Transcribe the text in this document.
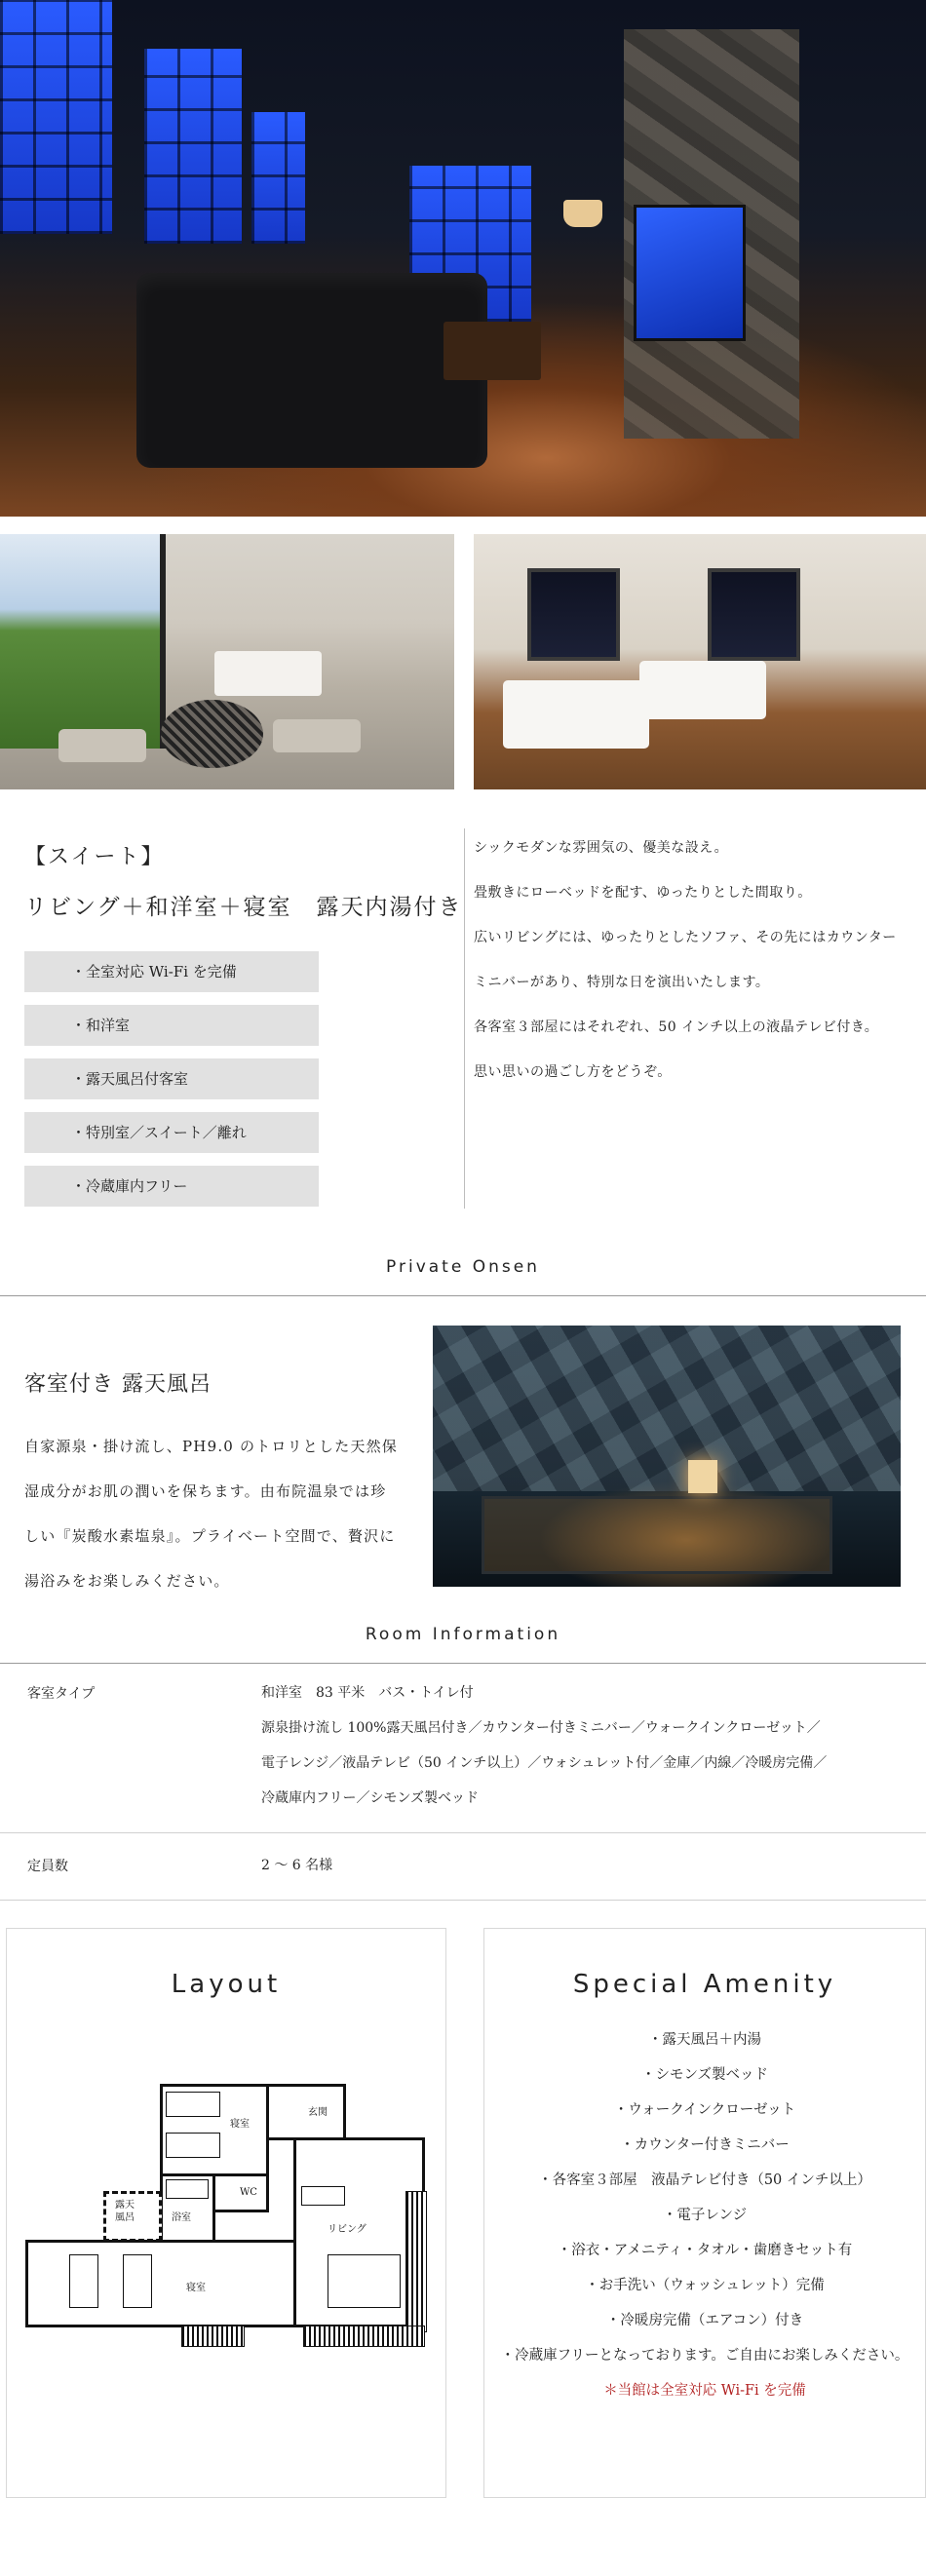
【スイート】
リビング＋和洋室＋寝室　露天内湯付き
・全室対応 Wi-Fi を完備
・和洋室
・露天風呂付客室
・特別室／スイート／離れ
・冷蔵庫内フリー
シックモダンな雰囲気の、優美な設え。
畳敷きにローベッドを配す、ゆったりとした間取り。
広いリビングには、ゆったりとしたソファ、その先にはカウンター
ミニバーがあり、特別な日を演出いたします。
各客室３部屋にはそれぞれ、50 インチ以上の液晶テレビ付き。
思い思いの過ごし方をどうぞ。
Private Onsen
客室付き 露天風呂
自家源泉・掛け流し、PH9.0 のトロリとした天然保
湿成分がお肌の潤いを保ちます。由布院温泉では珍
しい『炭酸水素塩泉』。プライベート空間で、贅沢に
湯浴みをお楽しみください。
Room Information
客室タイプ	和洋室　83 平米　バス・トイレ付
源泉掛け流し 100%露天風呂付き／カウンター付きミニバー／ウォークインクローゼット／
電子レンジ／液晶テレビ（50 インチ以上）／ウォシュレット付／金庫／内線／冷暖房完備／
冷蔵庫内フリー／シモンズ製ベッド
定員数	2 ～ 6 名様
Layout
寝室
玄関
WC
浴室
露天
風呂
リビング
寝室
Special Amenity
・露天風呂＋内湯
・シモンズ製ベッド
・ウォークインクローゼット
・カウンター付きミニバー
・各客室３部屋　液晶テレビ付き（50 インチ以上）
・電子レンジ
・浴衣・アメニティ・タオル・歯磨きセット有
・お手洗い（ウォッシュレット）完備
・冷暖房完備（エアコン）付き
・冷蔵庫フリーとなっております。ご自由にお楽しみください。
＊当館は全室対応 Wi-Fi を完備
